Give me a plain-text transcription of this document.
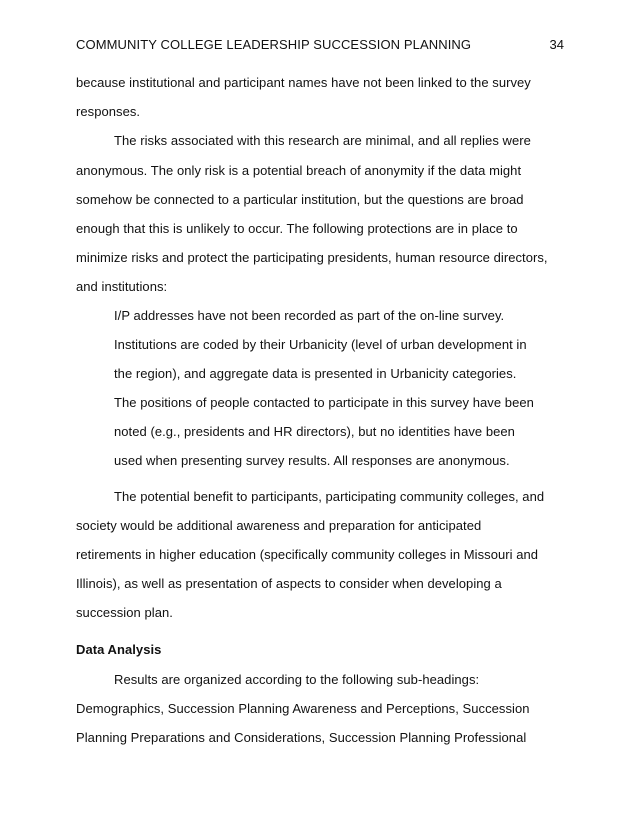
COMMUNITY COLLEGE LEADERSHIP SUCCESSION PLANNING	34
because institutional and participant names have not been linked to the survey
responses.
The risks associated with this research are minimal, and all replies were
anonymous. The only risk is a potential breach of anonymity if the data might
somehow be connected to a particular institution, but the questions are broad
enough that this is unlikely to occur. The following protections are in place to
minimize risks and protect the participating presidents, human resource directors,
and institutions:
I/P addresses have not been recorded as part of the on-line survey.
Institutions are coded by their Urbanicity (level of urban development in
the region), and aggregate data is presented in Urbanicity categories.
The positions of people contacted to participate in this survey have been
noted (e.g., presidents and HR directors), but no identities have been
used when presenting survey results. All responses are anonymous.
The potential benefit to participants, participating community colleges, and
society would be additional awareness and preparation for anticipated
retirements in higher education (specifically community colleges in Missouri and
Illinois), as well as presentation of aspects to consider when developing a
succession plan.
Data Analysis
Results are organized according to the following sub-headings:
Demographics, Succession Planning Awareness and Perceptions, Succession
Planning Preparations and Considerations, Succession Planning Professional
